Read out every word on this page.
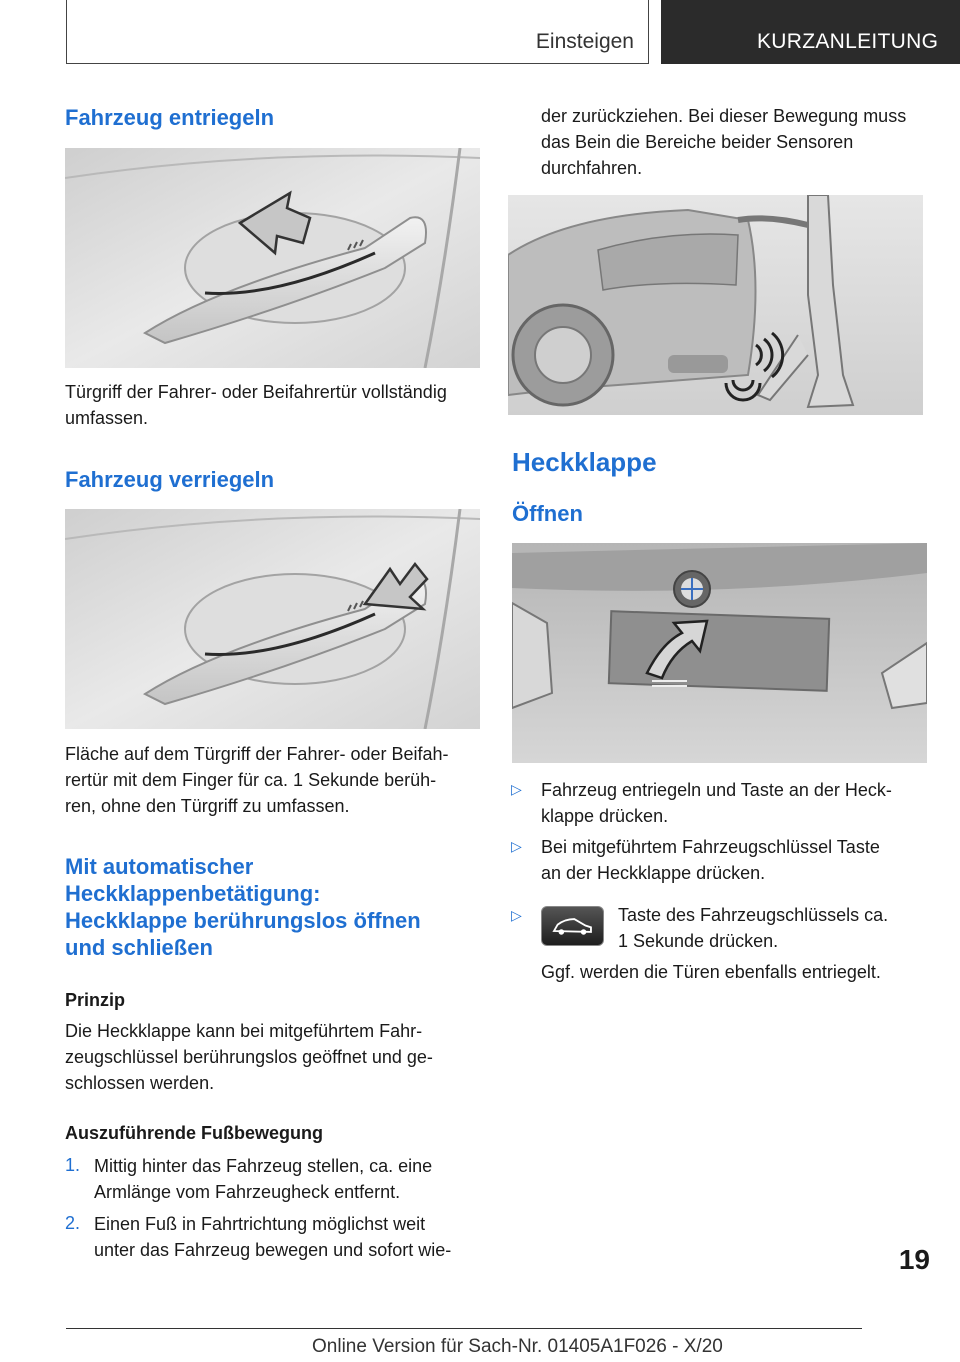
Einsteigen	KURZANLEITUNG
Fahrzeug entriegeln
Türgriff der Fahrer- oder Beifahrertür vollständig
umfassen.
Fahrzeug verriegeln
Fläche auf dem Türgriff der Fahrer- oder Beifah-
rertür mit dem Finger für ca. 1 Sekunde berüh-
ren, ohne den Türgriff zu umfassen.
Mit automatischer
Heckklappenbetätigung:
Heckklappe berührungslos öffnen
und schließen
Prinzip
Die Heckklappe kann bei mitgeführtem Fahr-
zeugschlüssel berührungslos geöffnet und ge-
schlossen werden.
Auszuführende Fußbewegung
1. Mittig hinter das Fahrzeug stellen, ca. eine
Armlänge vom Fahrzeugheck entfernt.
2. Einen Fuß in Fahrtrichtung möglichst weit
unter das Fahrzeug bewegen und sofort wie-
der zurückziehen. Bei dieser Bewegung muss
das Bein die Bereiche beider Sensoren
durchfahren.
Heckklappe
Öffnen
▷ Fahrzeug entriegeln und Taste an der Heck-
klappe drücken.
▷ Bei mitgeführtem Fahrzeugschlüssel Taste
an der Heckklappe drücken.
▷	Taste des Fahrzeugschlüssels ca.
1 Sekunde drücken.
Ggf. werden die Türen ebenfalls entriegelt.
19
Online Version für Sach-Nr. 01405A1F026 - X/20
